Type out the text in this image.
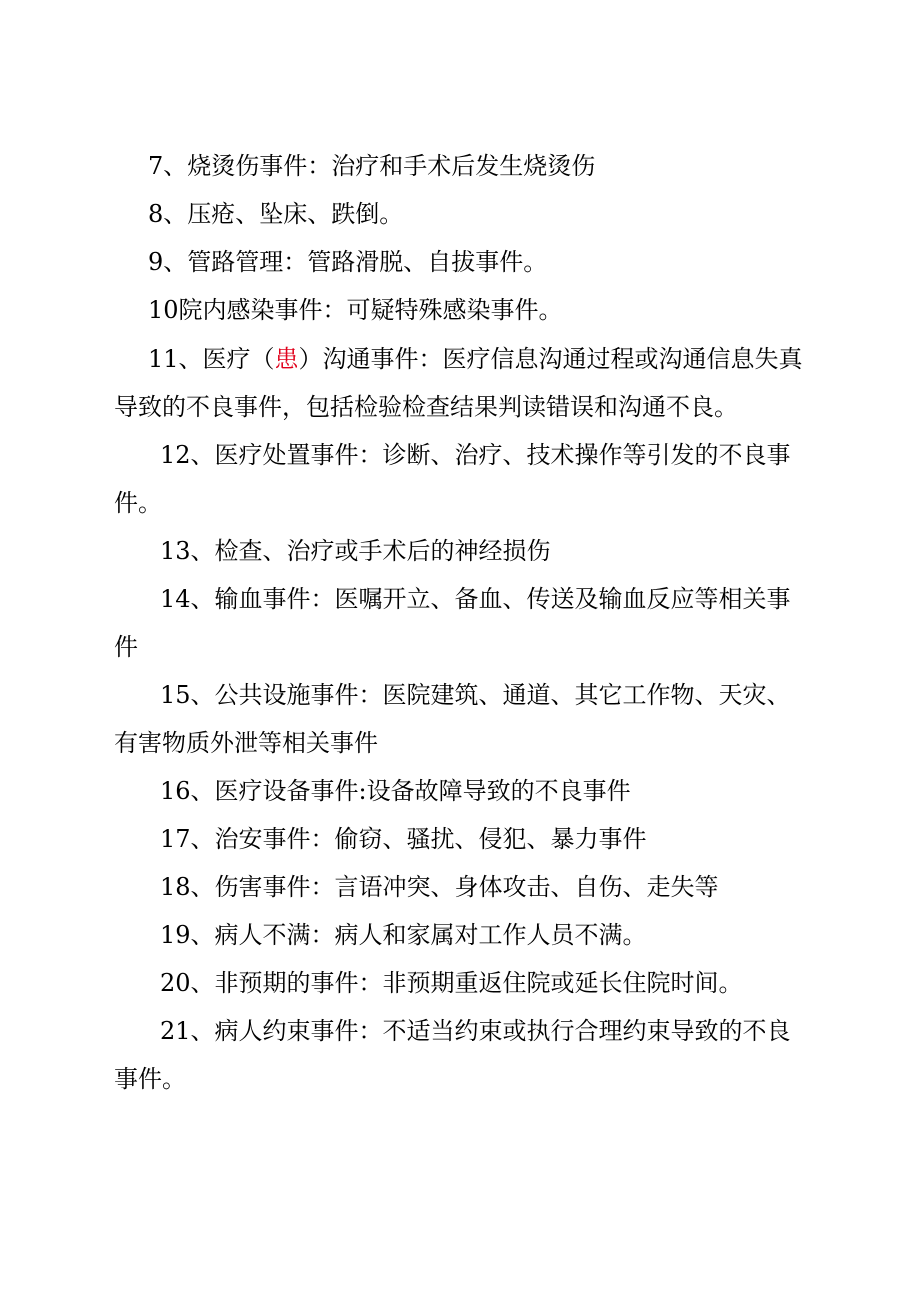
7、烧烫伤事件：治疗和手术后发生烧烫伤

8、压疮、坠床、跌倒。

9、管路管理：管路滑脱、自拔事件。

10院内感染事件：可疑特殊感染事件。

11、医疗（患）沟通事件：医疗信息沟通过程或沟通信息失真导致的不良事件，包括检验检查结果判读错误和沟通不良。

12、医疗处置事件：诊断、治疗、技术操作等引发的不良事件。

13、检查、治疗或手术后的神经损伤

14、输血事件：医嘱开立、备血、传送及输血反应等相关事件

15、公共设施事件：医院建筑、通道、其它工作物、天灾、有害物质外泄等相关事件

16、医疗设备事件:设备故障导致的不良事件

17、治安事件：偷窃、骚扰、侵犯、暴力事件

18、伤害事件：言语冲突、身体攻击、自伤、走失等

19、病人不满：病人和家属对工作人员不满。

20、非预期的事件：非预期重返住院或延长住院时间。

21、病人约束事件：不适当约束或执行合理约束导致的不良事件。
